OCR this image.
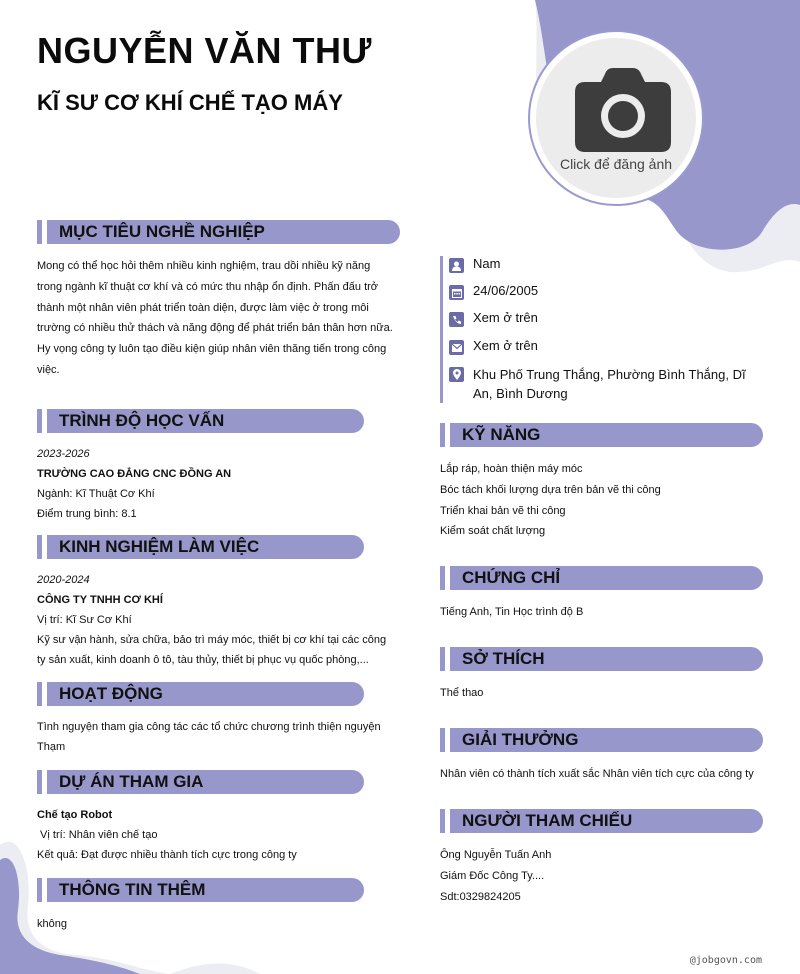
NGUYỄN VĂN THƯ
KĨ SƯ CƠ KHÍ CHẾ TẠO MÁY
Click để đăng ảnh
MỤC TIÊU NGHỀ NGHIỆP
Mong có thể học hỏi thêm nhiều kinh nghiệm, trau dồi nhiều kỹ năng
trong ngành kĩ thuật cơ khí và có mức thu nhập ổn định. Phấn đấu trở
thành một nhân viên phát triển toàn diện, được làm việc ở trong môi
trường có nhiều thử thách và năng động để phát triển bản thân hơn nữa.
Hy vọng công ty luôn tạo điều kiện giúp nhân viên thăng tiến trong công
việc.
TRÌNH ĐỘ HỌC VẤN
2023-2026
TRƯỜNG CAO ĐẲNG CNC ĐỒNG AN
Ngành: Kĩ Thuật Cơ Khí
Điểm trung bình: 8.1
KINH NGHIỆM LÀM VIỆC
2020-2024
CÔNG TY TNHH CƠ KHÍ
Vị trí: Kĩ Sư Cơ Khí
Kỹ sư vận hành, sửa chữa, bảo trì máy móc, thiết bị cơ khí tại các công
ty sản xuất, kinh doanh ô tô, tàu thủy, thiết bị phục vụ quốc phòng,...
HOẠT ĐỘNG
Tình nguyện tham gia công tác các tổ chức chương trình thiện nguyện
Thạm
DỰ ÁN THAM GIA
Chế tạo Robot
Vị trí: Nhân viên chế tạo
Kết quả: Đạt được nhiều thành tích cực trong công ty
THÔNG TIN THÊM
không
Nam
24/06/2005
Xem ở trên
Xem ở trên
Khu Phố Trung Thắng, Phường Bình Thắng, Dĩ
An, Bình Dương
KỸ NĂNG
Lắp ráp, hoàn thiện máy móc
Bóc tách khối lượng dựa trên bản vẽ thi công
Triển khai bản vẽ thi công
Kiểm soát chất lượng
CHỨNG CHỈ
Tiếng Anh, Tin Học trình độ B
SỞ THÍCH
Thể thao
GIẢI THƯỞNG
Nhân viên có thành tích xuất sắc Nhân viên tích cực của công ty
NGƯỜI THAM CHIẾU
Ông Nguyễn Tuấn Anh
Giám Đốc Công Ty....
Sdt:0329824205
@jobgovn.com
